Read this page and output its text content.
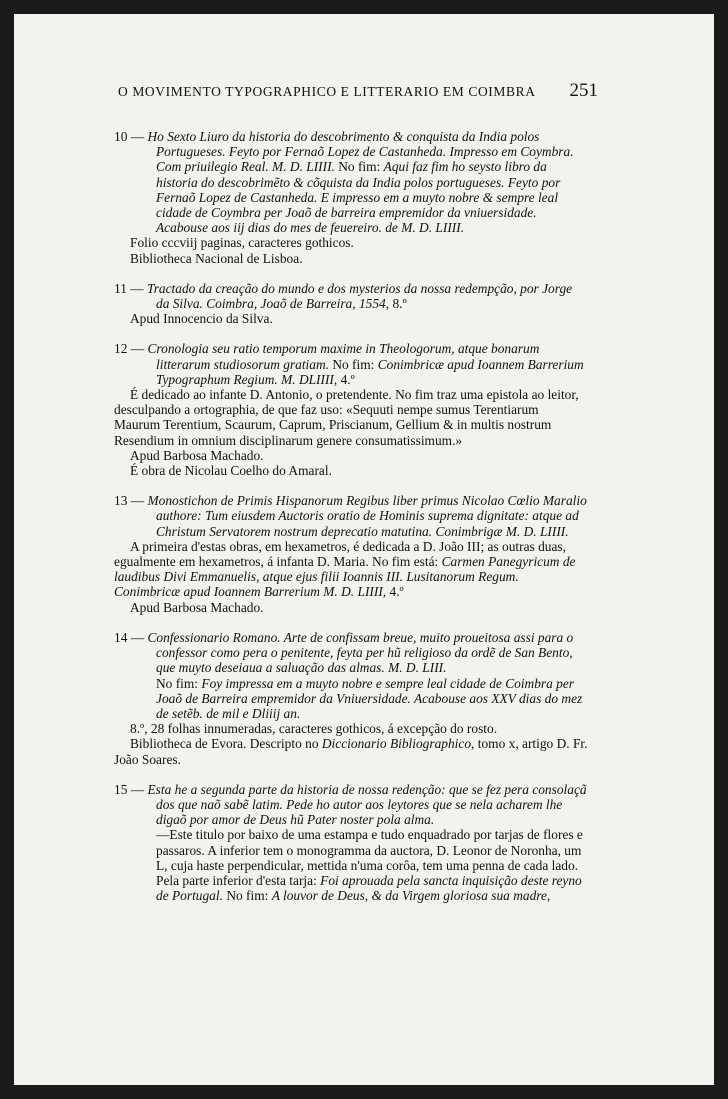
O MOVIMENTO TYPOGRAPHICO E LITTERARIO EM COIMBRA 251

10 — Ho Sexto Liuro da historia do descobrimento & conquista da India polos Portugueses. Feyto por Fernaõ Lopez de Castanheda. Impresso em Coymbra. Com priuilegio Real. M. D. LIIII. No fim: Aqui faz fim ho seysto libro da historia do descobrimẽto & cõquista da India polos portugueses. Feyto por Fernaõ Lopez de Castanheda. E impresso em a muyto nobre & sempre leal cidade de Coymbra per Joaõ de barreira empremidor da vniuersidade. Acabouse aos iij dias do mes de feuereiro. de M. D. LIIII.

Folio cccviij paginas, caracteres gothicos.

Bibliotheca Nacional de Lisboa.

11 — Tractado da creação do mundo e dos mysterios da nossa redempção, por Jorge da Silva. Coimbra, Joaõ de Barreira, 1554, 8.º

Apud Innocencio da Silva.

12 — Cronologia seu ratio temporum maxime in Theologorum, atque bonarum litterarum studiosorum gratiam. No fim: Conimbricæ apud Ioannem Barrerium Typographum Regium. M. DLIIII, 4.º

É dedicado ao infante D. Antonio, o pretendente. No fim traz uma epistola ao leitor, desculpando a ortographia, de que faz uso: «Sequuti nempe sumus Terentiarum Maurum Terentium, Scaurum, Caprum, Priscianum, Gellium & in multis nostrum Resendium in omnium disciplinarum genere consumatissimum.»

Apud Barbosa Machado.

É obra de Nicolau Coelho do Amaral.

13 — Monostichon de Primis Hispanorum Regibus liber primus Nicolao Cœlio Maralio authore: Tum eiusdem Auctoris oratio de Hominis suprema dignitate: atque ad Christum Servatorem nostrum deprecatio matutina. Conimbrigæ M. D. LIIII.

A primeira d'estas obras, em hexametros, é dedicada a D. João III; as outras duas, egualmente em hexametros, á infanta D. Maria. No fim está: Carmen Panegyricum de laudibus Divi Emmanuelis, atque ejus filii Ioannis III. Lusitanorum Regum. Conimbricæ apud Ioannem Barrerium M. D. LIIII, 4.º

Apud Barbosa Machado.

14 — Confessionario Romano. Arte de confissam breue, muito proueitosa assi para o confessor como pera o penitente, feyta per hũ religioso da ordẽ de San Bento, que muyto deseiaua a saluação das almas. M. D. LIII.

No fim: Foy impressa em a muyto nobre e sempre leal cidade de Coimbra per Joaõ de Barreira empremidor da Vniuersidade. Acabouse aos XXV dias do mez de setẽb. de mil e Dliiij an.

8.º, 28 folhas innumeradas, caracteres gothicos, á excepção do rosto.

Bibliotheca de Evora. Descripto no Diccionario Bibliographico, tomo x, artigo D. Fr. João Soares.

15 — Esta he a segunda parte da historia de nossa redenção: que se fez pera consolaçã dos que naõ sabẽ latim. Pede ho autor aos leytores que se nela acharem lhe digaõ por amor de Deus hũ Pater noster pola alma.

—Este titulo por baixo de uma estampa e tudo enquadrado por tarjas de flores e passaros. A inferior tem o monogramma da auctora, D. Leonor de Noronha, um L, cuja haste perpendicular, mettida n'uma corôa, tem uma penna de cada lado. Pela parte inferior d'esta tarja: Foi aprouada pela sancta inquisição deste reyno de Portugal. No fim: A louvor de Deus, & da Virgem gloriosa sua madre,
